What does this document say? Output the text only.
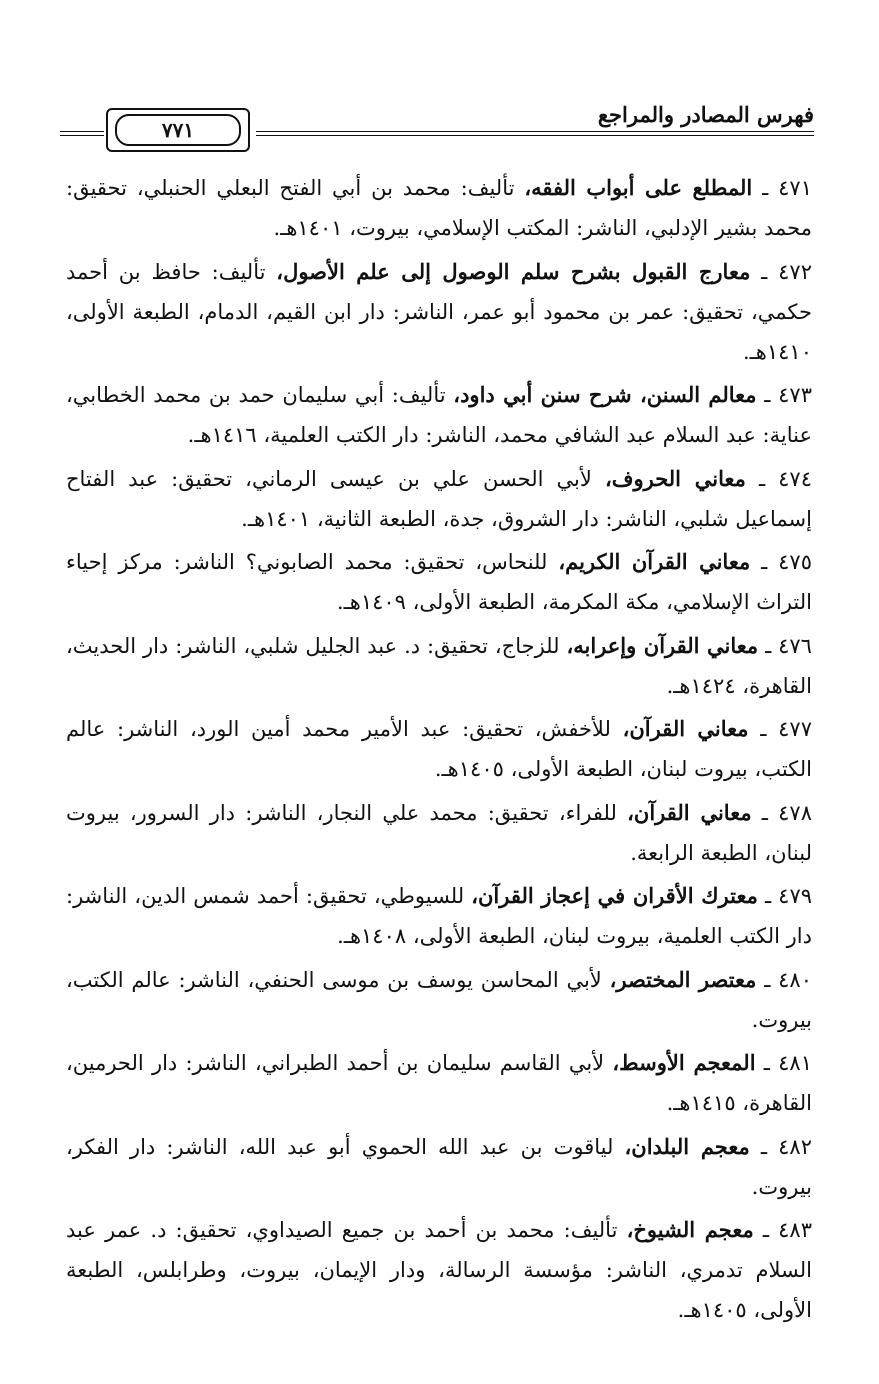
٧٧١
فهرس المصادر والمراجع

٤٧١ ـ المطلع على أبواب الفقه، تأليف: محمد بن أبي الفتح البعلي الحنبلي، تحقيق: محمد بشير الإدلبي، الناشر: المكتب الإسلامي، بيروت، ١٤٠١هـ.

٤٧٢ ـ معارج القبول بشرح سلم الوصول إلى علم الأصول، تأليف: حافظ بن أحمد حكمي، تحقيق: عمر بن محمود أبو عمر، الناشر: دار ابن القيم، الدمام، الطبعة الأولى، ١٤١٠هـ.

٤٧٣ ـ معالم السنن، شرح سنن أبي داود، تأليف: أبي سليمان حمد بن محمد الخطابي، عناية: عبد السلام عبد الشافي محمد، الناشر: دار الكتب العلمية، ١٤١٦هـ.

٤٧٤ ـ معاني الحروف، لأبي الحسن علي بن عيسى الرماني، تحقيق: عبد الفتاح إسماعيل شلبي، الناشر: دار الشروق، جدة، الطبعة الثانية، ١٤٠١هـ.

٤٧٥ ـ معاني القرآن الكريم، للنحاس، تحقيق: محمد الصابوني؟ الناشر: مركز إحياء التراث الإسلامي، مكة المكرمة، الطبعة الأولى، ١٤٠٩هـ.

٤٧٦ ـ معاني القرآن وإعرابه، للزجاج، تحقيق: د. عبد الجليل شلبي، الناشر: دار الحديث، القاهرة، ١٤٢٤هـ.

٤٧٧ ـ معاني القرآن، للأخفش، تحقيق: عبد الأمير محمد أمين الورد، الناشر: عالم الكتب، بيروت لبنان، الطبعة الأولى، ١٤٠٥هـ.

٤٧٨ ـ معاني القرآن، للفراء، تحقيق: محمد علي النجار، الناشر: دار السرور، بيروت لبنان، الطبعة الرابعة.

٤٧٩ ـ معترك الأقران في إعجاز القرآن، للسيوطي، تحقيق: أحمد شمس الدين، الناشر: دار الكتب العلمية، بيروت لبنان، الطبعة الأولى، ١٤٠٨هـ.

٤٨٠ ـ معتصر المختصر، لأبي المحاسن يوسف بن موسى الحنفي، الناشر: عالم الكتب، بيروت.

٤٨١ ـ المعجم الأوسط، لأبي القاسم سليمان بن أحمد الطبراني، الناشر: دار الحرمين، القاهرة، ١٤١٥هـ.

٤٨٢ ـ معجم البلدان، لياقوت بن عبد الله الحموي أبو عبد الله، الناشر: دار الفكر، بيروت.

٤٨٣ ـ معجم الشيوخ، تأليف: محمد بن أحمد بن جميع الصيداوي، تحقيق: د. عمر عبد السلام تدمري، الناشر: مؤسسة الرسالة، ودار الإيمان، بيروت، وطرابلس، الطبعة الأولى، ١٤٠٥هـ.
